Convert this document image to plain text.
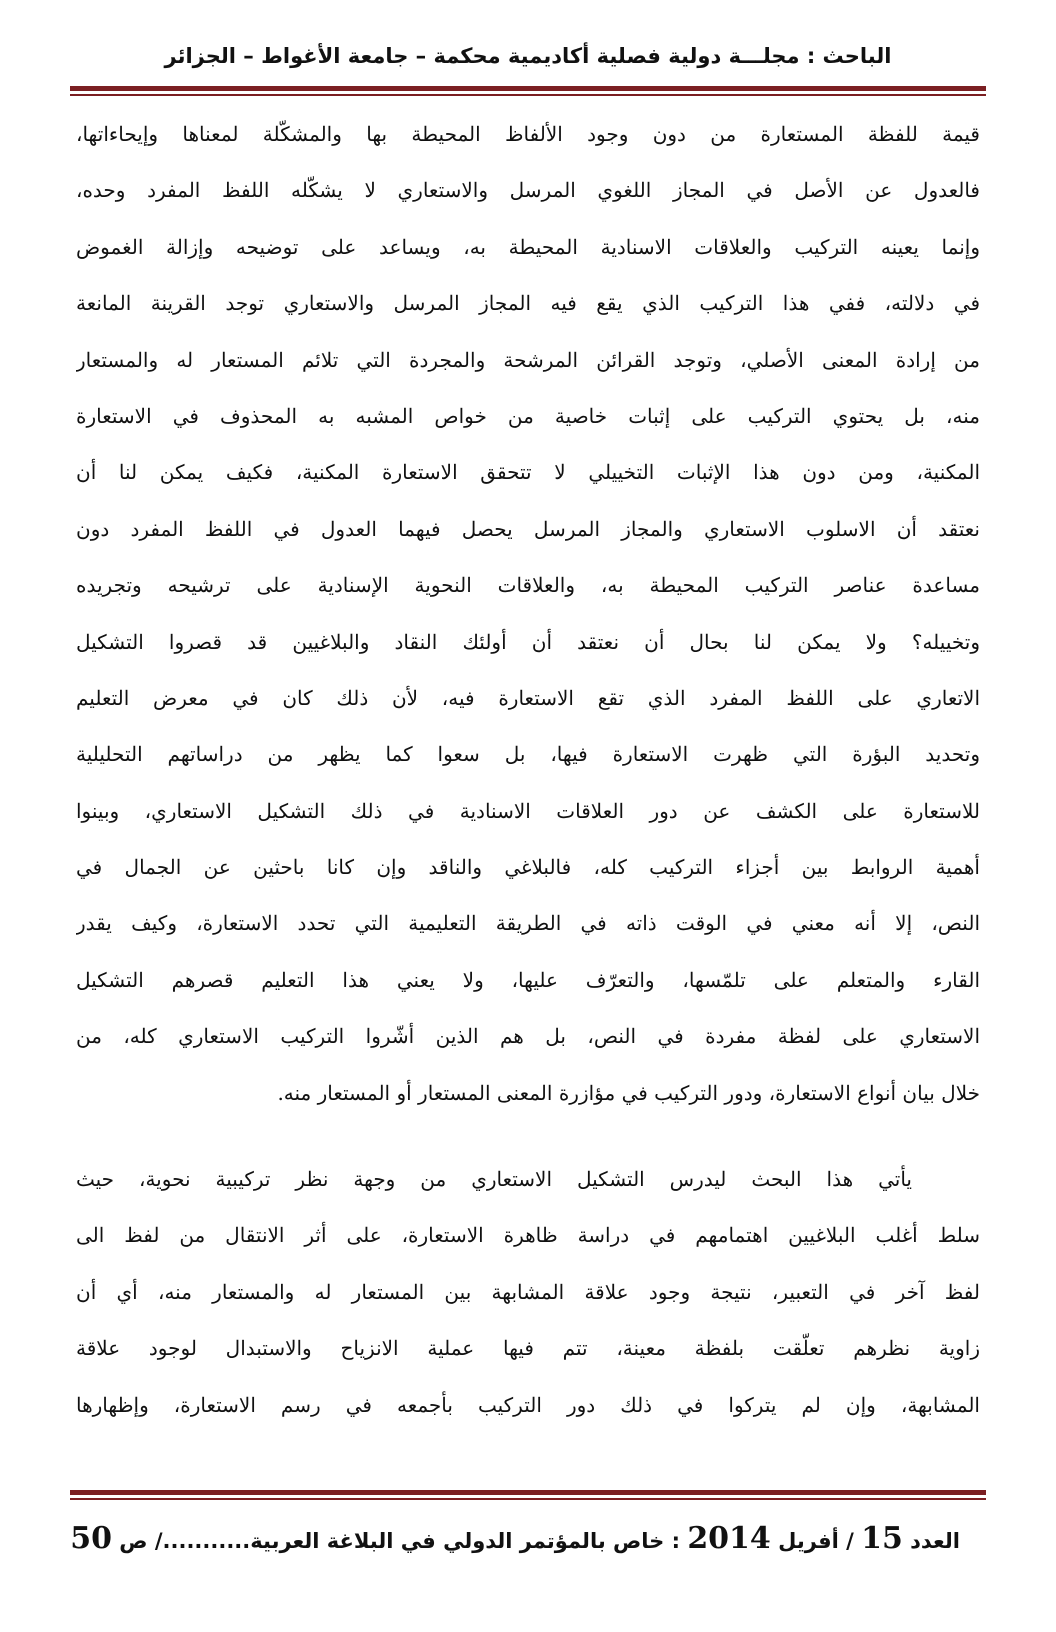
الباحث : مجلـــة دولية فصلية أكاديمية محكمة – جامعة الأغواط – الجزائر
قيمة للفظة المستعارة من دون وجود الألفاظ المحيطة بها والمشكّلة لمعناها وإيحاءاتها،
فالعدول عن الأصل في المجاز اللغوي المرسل والاستعاري لا يشكّله اللفظ المفرد وحده،
وإنما يعينه التركيب والعلاقات الاسنادية المحيطة به، ويساعد على توضيحه وإزالة الغموض
في دلالته، ففي هذا التركيب الذي يقع فيه المجاز المرسل والاستعاري توجد القرينة المانعة
من إرادة المعنى الأصلي، وتوجد القرائن المرشحة والمجردة التي تلائم المستعار له والمستعار
منه، بل يحتوي التركيب على إثبات خاصية من خواص المشبه به المحذوف في الاستعارة
المكنية، ومن دون هذا الإثبات التخييلي لا تتحقق الاستعارة المكنية، فكيف يمكن لنا أن
نعتقد أن الاسلوب الاستعاري والمجاز المرسل يحصل فيهما العدول في اللفظ المفرد دون
مساعدة عناصر التركيب المحيطة به، والعلاقات النحوية الإسنادية على ترشيحه وتجريده
وتخييله؟ ولا يمكن لنا بحال أن نعتقد أن أولئك النقاد والبلاغيين قد قصروا التشكيل
الاتعاري على اللفظ المفرد الذي تقع الاستعارة فيه، لأن ذلك كان في معرض التعليم
وتحديد البؤرة التي ظهرت الاستعارة فيها، بل سعوا كما يظهر من دراساتهم التحليلية
للاستعارة على الكشف عن دور العلاقات الاسنادية في ذلك التشكيل الاستعاري، وبينوا
أهمية الروابط بين أجزاء التركيب كله، فالبلاغي والناقد وإن كانا باحثين عن الجمال في
النص، إلا أنه معني في الوقت ذاته في الطريقة التعليمية التي تحدد الاستعارة، وكيف يقدر
القارء والمتعلم على تلمّسها، والتعرّف عليها، ولا يعني هذا التعليم قصرهم التشكيل
الاستعاري على لفظة مفردة في النص، بل هم الذين أشّروا التركيب الاستعاري كله، من
خلال بيان أنواع الاستعارة، ودور التركيب في مؤازرة المعنى المستعار أو المستعار منه.
يأتي هذا البحث ليدرس التشكيل الاستعاري من وجهة نظر تركيبية نحوية، حيث
سلط أغلب البلاغيين اهتمامهم في دراسة ظاهرة الاستعارة، على أثر الانتقال من لفظ الى
لفظ آخر في التعبير، نتيجة وجود علاقة المشابهة بين المستعار له والمستعار منه، أي أن
زاوية نظرهم تعلّقت بلفظة معينة، تتم فيها عملية الانزياح والاستبدال لوجود علاقة
المشابهة، وإن لم يتركوا في ذلك دور التركيب بأجمعه في رسم الاستعارة، وإظهارها
العدد 15 / أفريل 2014 : خاص بالمؤتمر الدولي في البلاغة العربية.........../ ص 50
